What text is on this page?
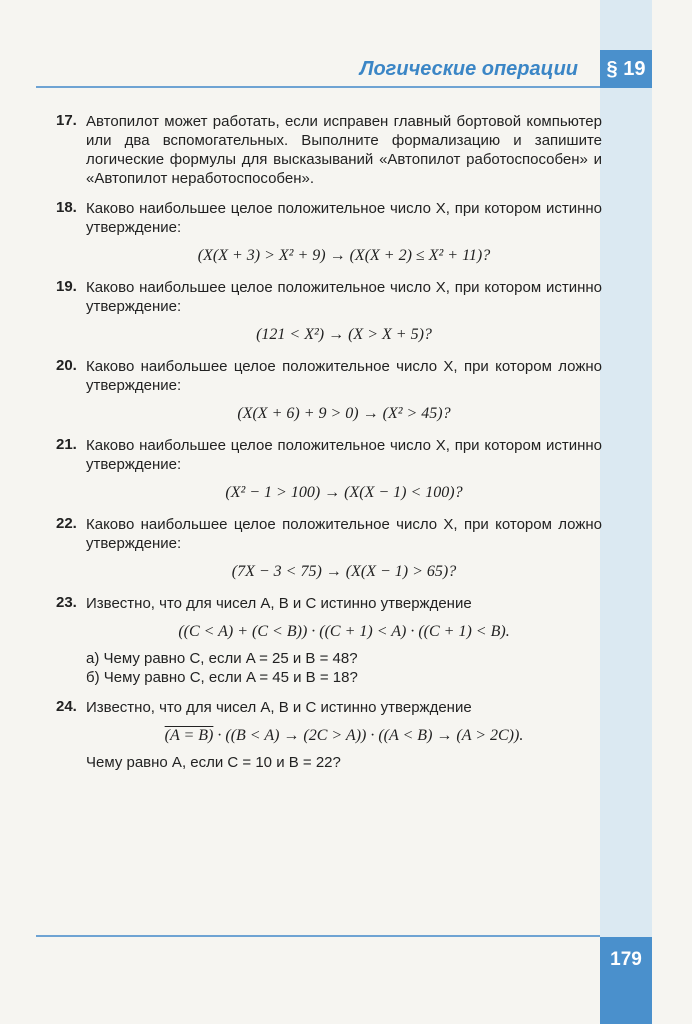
Логические операции	§ 19
17. Автопилот может работать, если исправен главный бортовой компьютер или два вспомогательных. Выполните формализацию и запишите логические формулы для высказываний «Автопилот работоспособен» и «Автопилот неработоспособен».
18. Каково наибольшее целое положительное число X, при котором истинно утверждение:
(X(X + 3) > X² + 9) → (X(X + 2) ≤ X² + 11)?
19. Каково наибольшее целое положительное число X, при котором истинно утверждение:
(121 < X²) → (X > X + 5)?
20. Каково наибольшее целое положительное число X, при котором ложно утверждение:
(X(X + 6) + 9 > 0) → (X² > 45)?
21. Каково наибольшее целое положительное число X, при котором истинно утверждение:
(X² − 1 > 100) → (X(X − 1) < 100)?
22. Каково наибольшее целое положительное число X, при котором ложно утверждение:
(7X − 3 < 75) → (X(X − 1) > 65)?
23. Известно, что для чисел A, B и C истинно утверждение
((C < A) + (C < B)) · ((C + 1) < A) · ((C + 1) < B).
а) Чему равно C, если A = 25 и B = 48?
б) Чему равно C, если A = 45 и B = 18?
24. Известно, что для чисел A, B и C истинно утверждение
(A = B) · ((B < A) → (2C > A)) · ((A < B) → (A > 2C)).
Чему равно A, если C = 10 и B = 22?
179
